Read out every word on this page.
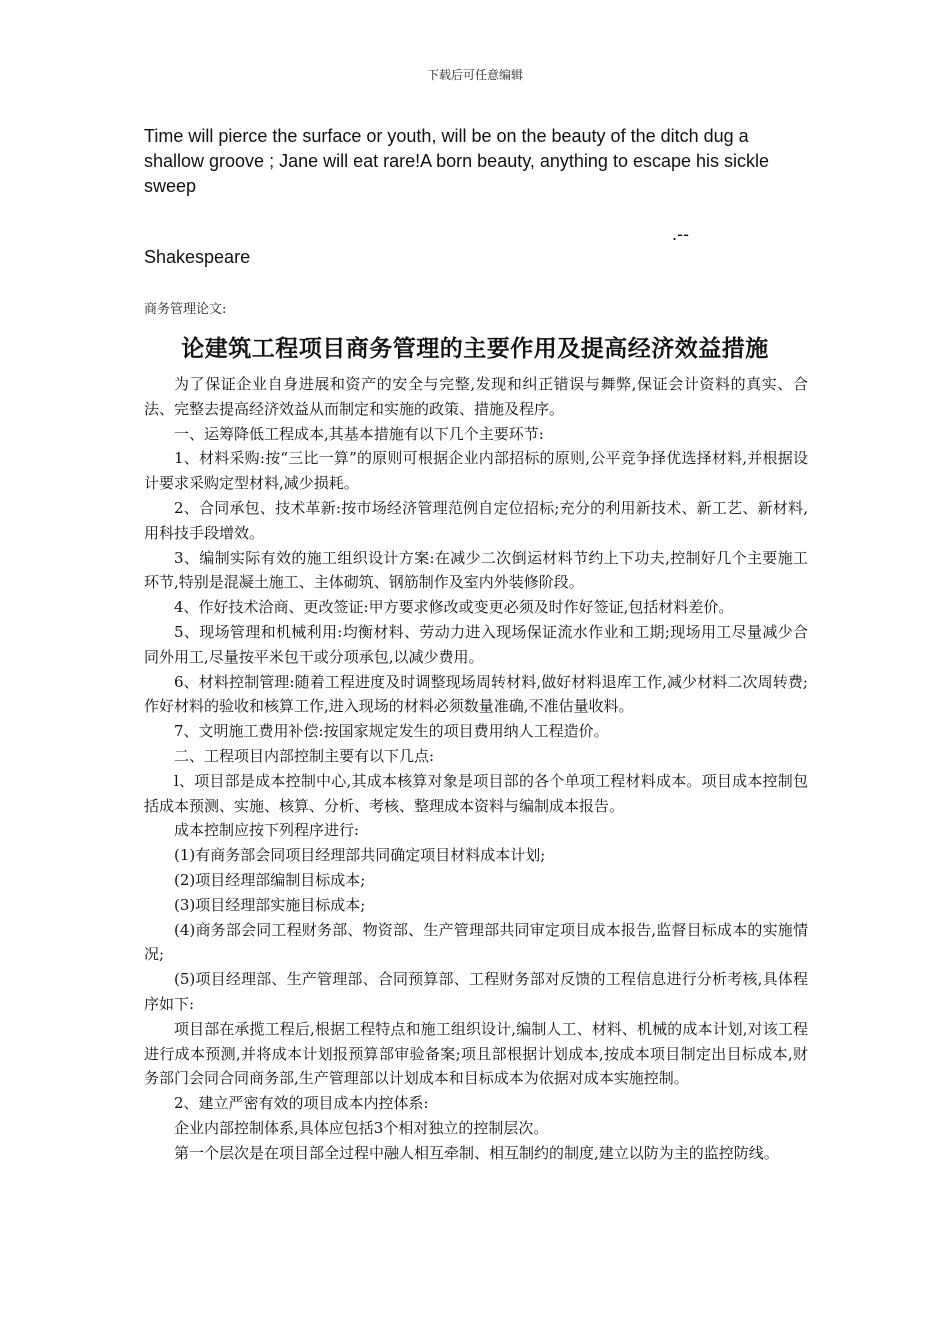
下载后可任意编辑
Time will pierce the surface or youth, will be on the beauty of the ditch dug a shallow groove ; Jane will eat rare!A born beauty, anything to escape his sickle sweep
.--
Shakespeare
商务管理论文:
论建筑工程项目商务管理的主要作用及提高经济效益措施

为了保证企业自身进展和资产的安全与完整,发现和纠正错误与舞弊,保证会计资料的真实、合法、完整去提高经济效益从而制定和实施的政策、措施及程序。

一、运筹降低工程成本,其基本措施有以下几个主要环节:

1、材料采购:按“三比一算”的原则可根据企业内部招标的原则,公平竞争择优选择材料,并根据设计要求采购定型材料,减少损耗。

2、合同承包、技术革新:按市场经济管理范例自定位招标;充分的利用新技术、新工艺、新材料,用科技手段增效。

3、编制实际有效的施工组织设计方案:在减少二次倒运材料节约上下功夫,控制好几个主要施工环节,特别是混凝土施工、主体砌筑、钢筋制作及室内外装修阶段。

4、作好技术洽商、更改签证:甲方要求修改或变更必须及时作好签证,包括材料差价。

5、现场管理和机械利用:均衡材料、劳动力进入现场保证流水作业和工期;现场用工尽量减少合同外用工,尽量按平米包干或分项承包,以减少费用。

6、材料控制管理:随着工程进度及时调整现场周转材料,做好材料退库工作,减少材料二次周转费;作好材料的验收和核算工作,进入现场的材料必须数量准确,不准估量收料。

7、文明施工费用补偿:按国家规定发生的项目费用纳人工程造价。

二、工程项目内部控制主要有以下几点:

l、项目部是成本控制中心,其成本核算对象是项目部的各个单项工程材料成本。项目成本控制包括成本预测、实施、核算、分析、考核、整理成本资料与编制成本报告。

成本控制应按下列程序进行:

(1)有商务部会同项目经理部共同确定项目材料成本计划;

(2)项目经理部编制目标成本;

(3)项目经理部实施目标成本;

(4)商务部会同工程财务部、物资部、生产管理部共同审定项目成本报告,监督目标成本的实施情况;

(5)项目经理部、生产管理部、合同预算部、工程财务部对反馈的工程信息进行分析考核,具体程序如下:

项目部在承揽工程后,根据工程特点和施工组织设计,编制人工、材料、机械的成本计划,对该工程进行成本预测,并将成本计划报预算部审验备案;项且部根据计划成本,按成本项目制定出目标成本,财务部门会同合同商务部,生产管理部以计划成本和目标成本为依据对成本实施控制。

2、建立严密有效的项目成本内控体系:

企业内部控制体系,具体应包括3个相对独立的控制层次。

第一个层次是在项目部全过程中融人相互牵制、相互制约的制度,建立以防为主的监控防线。
